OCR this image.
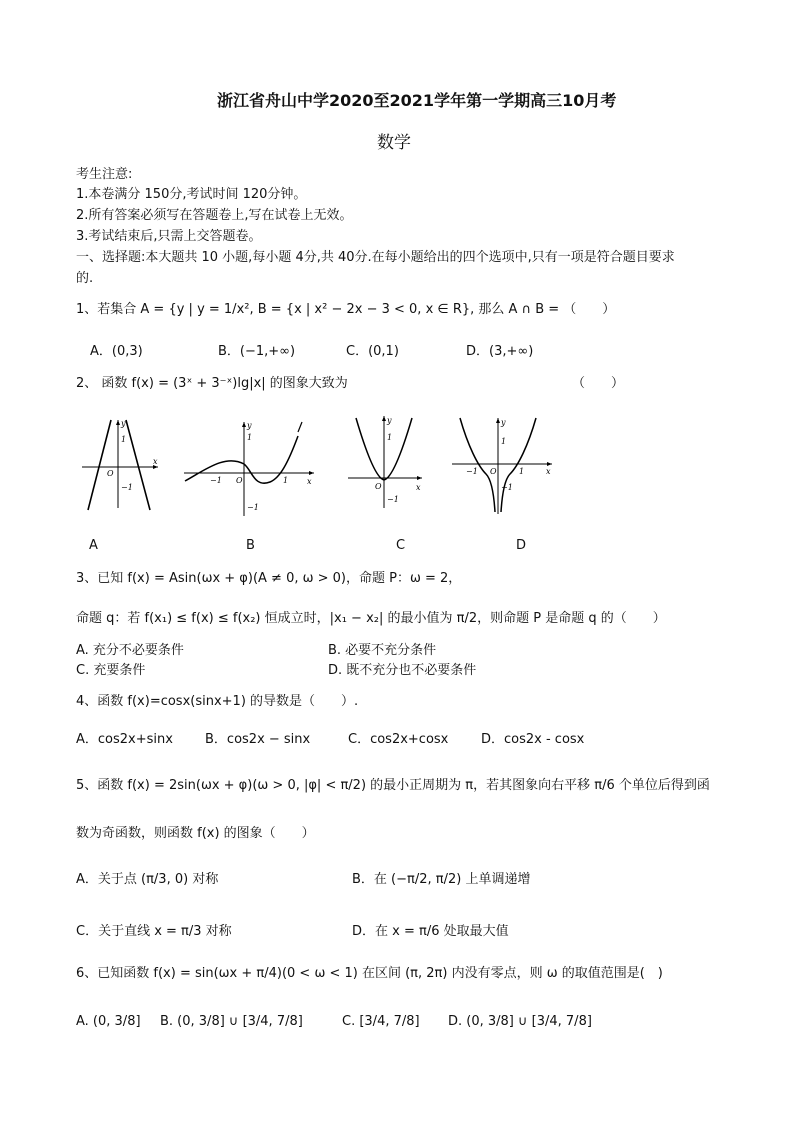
浙江省舟山中学2020至2021学年第一学期高三10月考
数学
考生注意:
1.本卷满分 150分,考试时间 120分钟。
2.所有答案必须写在答题卷上,写在试卷上无效。
3.考试结束后,只需上交答题卷。
一、选择题:本大题共 10 小题,每小题 4分,共 40分.在每小题给出的四个选项中,只有一项是符合题目要求
的.
1、若集合 A = {y | y = 1/x², B = {x | x² − 2x − 3 < 0, x ∈ R}, 那么 A ∩ B = （　　）
A．(0,3)	B．(−1,+∞)	C．(0,1)	D．(3,+∞)
2、 函数 f(x) = (3ˣ + 3⁻ˣ)lg|x| 的图象大致为	（　　）
y
x
O
1
−1
A
y
x
O
1
−1	1
−1
B
y
x
O
1
−1
C
y
x
O
1
−1	1
−1
D
3、已知 f(x) = Asin(ωx + φ)(A ≠ 0, ω > 0)，命题 P：ω = 2，
命题 q：若 f(x₁) ≤ f(x) ≤ f(x₂) 恒成立时，|x₁ − x₂| 的最小值为 π/2，则命题 P 是命题 q 的（　　）
A. 充分不必要条件	B. 必要不充分条件
C. 充要条件	D. 既不充分也不必要条件
4、函数 f(x)=cosx(sinx+1) 的导数是（　　）.
A．cos2x+sinx B．cos2x − sinx	C．cos2x+cosx	D．cos2x - cosx
5、函数 f(x) = 2sin(ωx + φ)(ω > 0, |φ| < π/2) 的最小正周期为 π，若其图象向右平移 π/6 个单位后得到函
数为奇函数，则函数 f(x) 的图象（　　）
A．关于点 (π/3, 0) 对称	B．在 (−π/2, π/2) 上单调递增
C．关于直线 x = π/3 对称	D．在 x = π/6 处取最大值
6、已知函数 f(x) = sin(ωx + π/4)(0 < ω < 1) 在区间 (π, 2π) 内没有零点，则 ω 的取值范围是(　)
A. (0, 3/8] B. (0, 3/8] ∪ [3/4, 7/8]	C. [3/4, 7/8] D. (0, 3/8] ∪ [3/4, 7/8]
